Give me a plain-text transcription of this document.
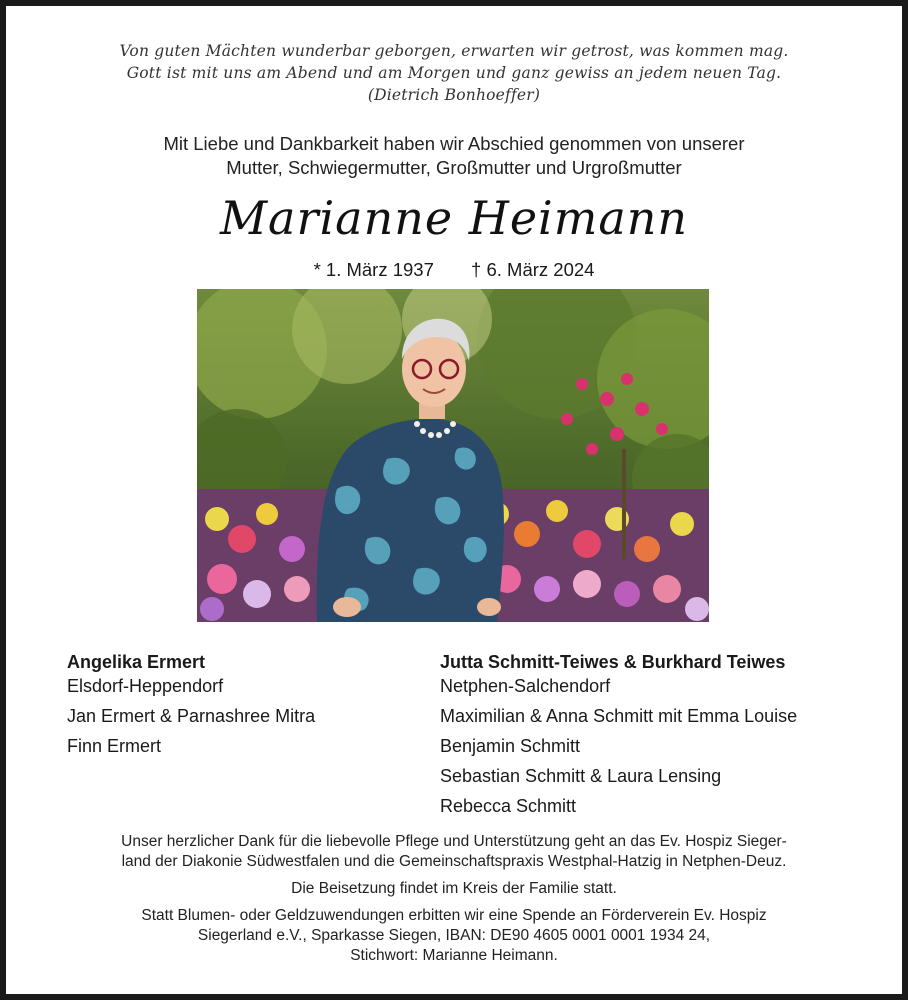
Von guten Mächten wunderbar geborgen, erwarten wir getrost, was kommen mag.
Gott ist mit uns am Abend und am Morgen und ganz gewiss an jedem neuen Tag.
(Dietrich Bonhoeffer)
Mit Liebe und Dankbarkeit haben wir Abschied genommen von unserer
Mutter, Schwiegermutter, Großmutter und Urgroßmutter
Marianne Heimann
* 1. März 1937 † 6. März 2024
Angelika Ermert
Elsdorf-Heppendorf
Jan Ermert & Parnashree Mitra
Finn Ermert
Jutta Schmitt-Teiwes & Burkhard Teiwes
Netphen-Salchendorf
Maximilian & Anna Schmitt mit Emma Louise
Benjamin Schmitt
Sebastian Schmitt & Laura Lensing
Rebecca Schmitt
Unser herzlicher Dank für die liebevolle Pflege und Unterstützung geht an das Ev. Hospiz Sieger-
land der Diakonie Südwestfalen und die Gemeinschaftspraxis Westphal-Hatzig in Netphen-Deuz.
Die Beisetzung findet im Kreis der Familie statt.
Statt Blumen- oder Geldzuwendungen erbitten wir eine Spende an Förderverein Ev. Hospiz
Siegerland e.V., Sparkasse Siegen, IBAN: DE90 4605 0001 0001 1934 24,
Stichwort: Marianne Heimann.
